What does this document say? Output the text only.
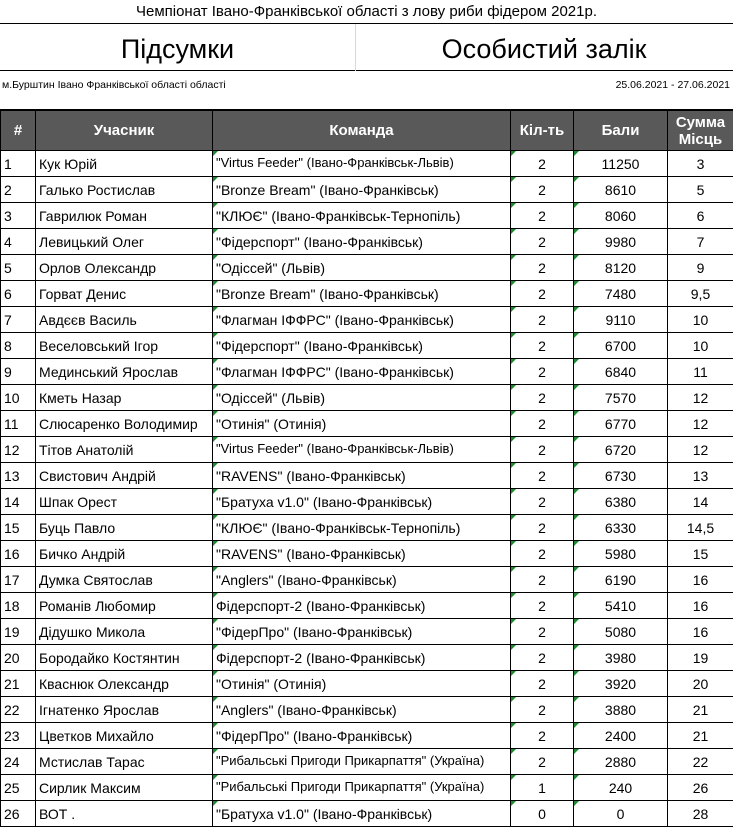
Чемпіонат Івано-Франківської області з лову риби фідером 2021р.
Підсумки	Особистий залік
м.Бурштин Івано Франківської області області	25.06.2021 - 27.06.2021
#	Учасник	Команда	Кіл-ть	Бали	Сумма Місць
1	Кук Юрій	"Virtus Feeder" (Івано-Франківськ-Львів)	2	11250	3
2	Галько Ростислав	"Bronze Bream" (Івано-Франківськ)	2	8610	5
3	Гаврилюк Роман	"КЛЮЄ" (Івано-Франківськ-Тернопіль)	2	8060	6
4	Левицький Олег	"Фідерспорт" (Івано-Франківськ)	2	9980	7
5	Орлов Олександр	"Одіссей" (Львів)	2	8120	9
6	Горват Денис	"Bronze Bream" (Івано-Франківськ)	2	7480	9,5
7	Авдєєв Василь	"Флагман ІФФРС" (Івано-Франківськ)	2	9110	10
8	Веселовський Ігор	"Фідерспорт" (Івано-Франківськ)	2	6700	10
9	Мединський Ярослав	"Флагман ІФФРС" (Івано-Франківськ)	2	6840	11
10	Кметь Назар	"Одіссей" (Львів)	2	7570	12
11	Слюсаренко Володимир	"Отинія" (Отинія)	2	6770	12
12	Тітов Анатолій	"Virtus Feeder" (Івано-Франківськ-Львів)	2	6720	12
13	Свистович Андрій	"RAVENS" (Івано-Франківськ)	2	6730	13
14	Шпак Орест	"Братуха v1.0" (Івано-Франківськ)	2	6380	14
15	Буць Павло	"КЛЮЄ" (Івано-Франківськ-Тернопіль)	2	6330	14,5
16	Бичко Андрій	"RAVENS" (Івано-Франківськ)	2	5980	15
17	Думка Святослав	"Anglers" (Івано-Франківськ)	2	6190	16
18	Романів Любомир	Фідерспорт-2 (Івано-Франківськ)	2	5410	16
19	Дідушко Микола	"ФідерПро" (Івано-Франківськ)	2	5080	16
20	Бородайко Костянтин	Фідерспорт-2 (Івано-Франківськ)	2	3980	19
21	Кваснюк Олександр	"Отинія" (Отинія)	2	3920	20
22	Ігнатенко Ярослав	"Anglers" (Івано-Франківськ)	2	3880	21
23	Цветков Михайло	"ФідерПро" (Івано-Франківськ)	2	2400	21
24	Мстислав Тарас	"Рибальські Пригоди Прикарпаття" (Україна)	2	2880	22
25	Сирлик Максим	"Рибальські Пригоди Прикарпаття" (Україна)	1	240	26
26	ВОТ .	"Братуха v1.0" (Івано-Франківськ)	0	0	28
